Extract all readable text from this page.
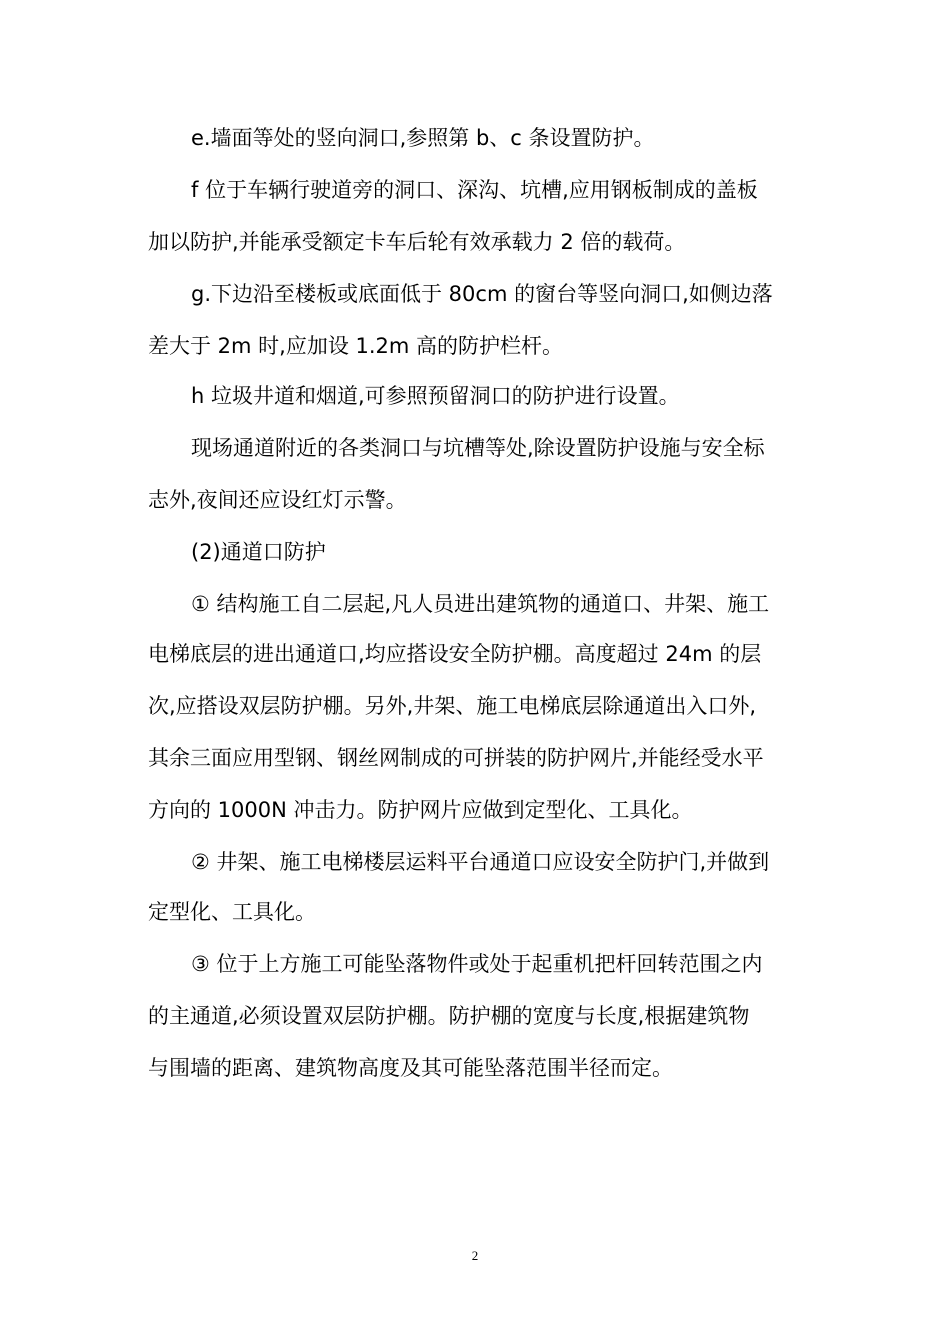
e.墙面等处的竖向洞口,参照第 b、c 条设置防护。
f 位于车辆行驶道旁的洞口、深沟、坑槽,应用钢板制成的盖板
加以防护,并能承受额定卡车后轮有效承载力 2 倍的载荷。
g.下边沿至楼板或底面低于 80cm 的窗台等竖向洞口,如侧边落
差大于 2m 时,应加设 1.2m 高的防护栏杆。
h 垃圾井道和烟道,可参照预留洞口的防护进行设置。
现场通道附近的各类洞口与坑槽等处,除设置防护设施与安全标
志外,夜间还应设红灯示警。
(2)通道口防护
① 结构施工自二层起,凡人员进出建筑物的通道口、井架、施工
电梯底层的进出通道口,均应搭设安全防护棚。高度超过 24m 的层
次,应搭设双层防护棚。另外,井架、施工电梯底层除通道出入口外,
其余三面应用型钢、钢丝网制成的可拼装的防护网片,并能经受水平
方向的 1000N 冲击力。防护网片应做到定型化、工具化。
② 井架、施工电梯楼层运料平台通道口应设安全防护门,并做到
定型化、工具化。
③ 位于上方施工可能坠落物件或处于起重机把杆回转范围之内
的主通道,必须设置双层防护棚。防护棚的宽度与长度,根据建筑物
与围墙的距离、建筑物高度及其可能坠落范围半径而定。
2
